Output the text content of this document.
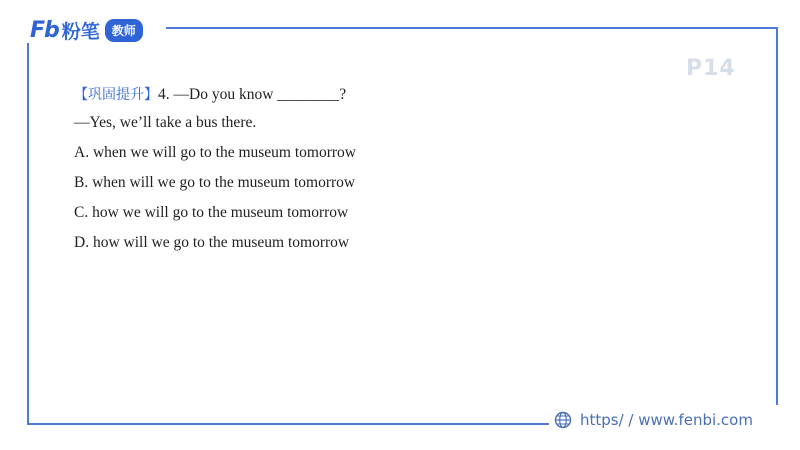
Fb 粉笔	教师
P14
【巩固提升】4. —Do you know ________?
—Yes, we’ll take a bus there.
A. when we will go to the museum tomorrow
B. when will we go to the museum tomorrow
C. how we will go to the museum tomorrow
D. how will we go to the museum tomorrow
https‌/ / www.fenbi.com
